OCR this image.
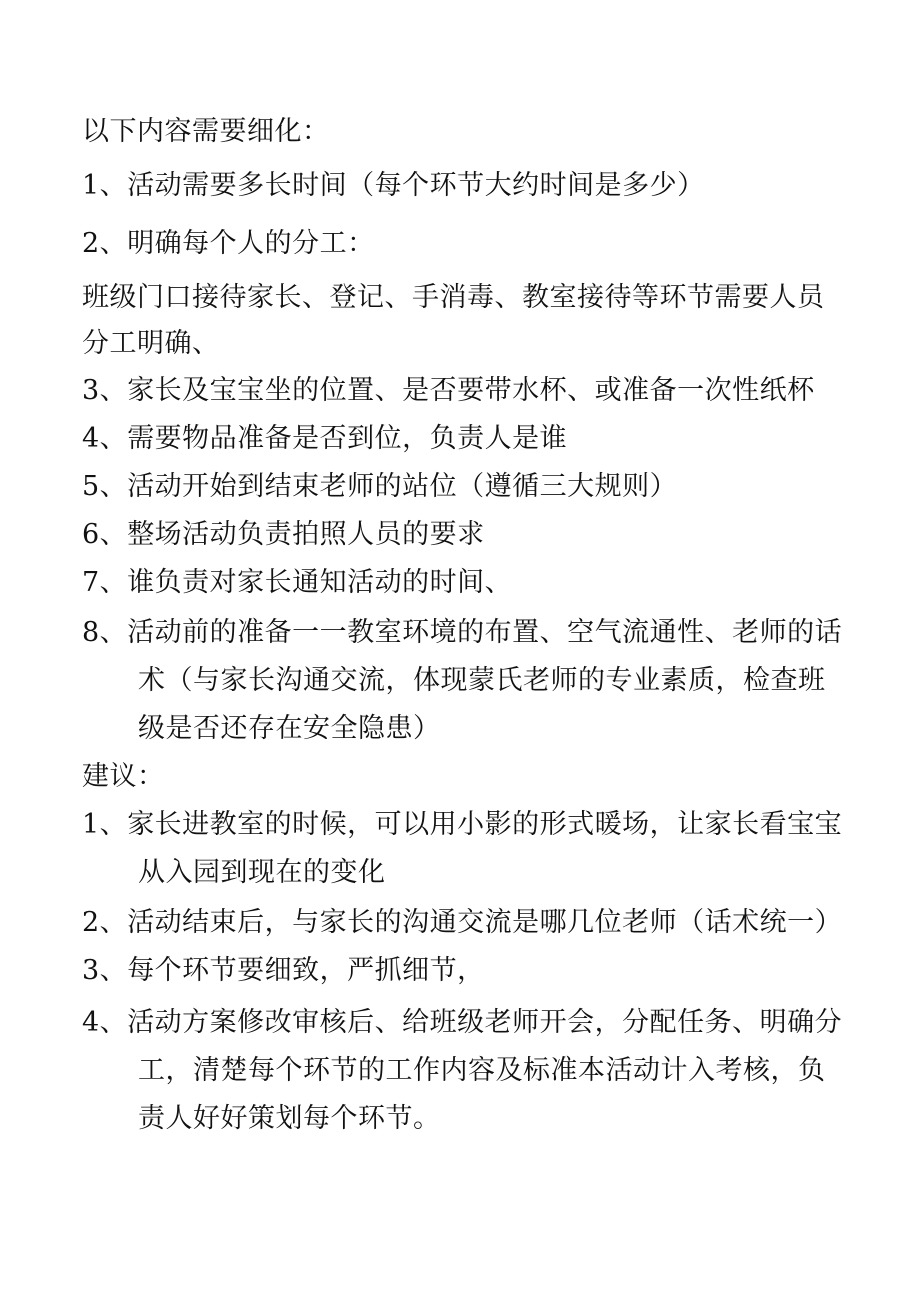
以下内容需要细化：
1、活动需要多长时间（每个环节大约时间是多少）
2、明确每个人的分工：
班级门口接待家长、登记、手消毒、教室接待等环节需要人员
分工明确、
3、家长及宝宝坐的位置、是否要带水杯、或准备一次性纸杯
4、需要物品准备是否到位，负责人是谁
5、活动开始到结束老师的站位（遵循三大规则）
6、整场活动负责拍照人员的要求
7、谁负责对家长通知活动的时间、
8、活动前的准备一一教室环境的布置、空气流通性、老师的话
术（与家长沟通交流，体现蒙氏老师的专业素质，检查班
级是否还存在安全隐患）
建议：
1、家长进教室的时候，可以用小影的形式暖场，让家长看宝宝
从入园到现在的变化
2、活动结束后，与家长的沟通交流是哪几位老师（话术统一）
3、每个环节要细致，严抓细节，
4、活动方案修改审核后、给班级老师开会，分配任务、明确分
工，清楚每个环节的工作内容及标准本活动计入考核，负
责人好好策划每个环节。
